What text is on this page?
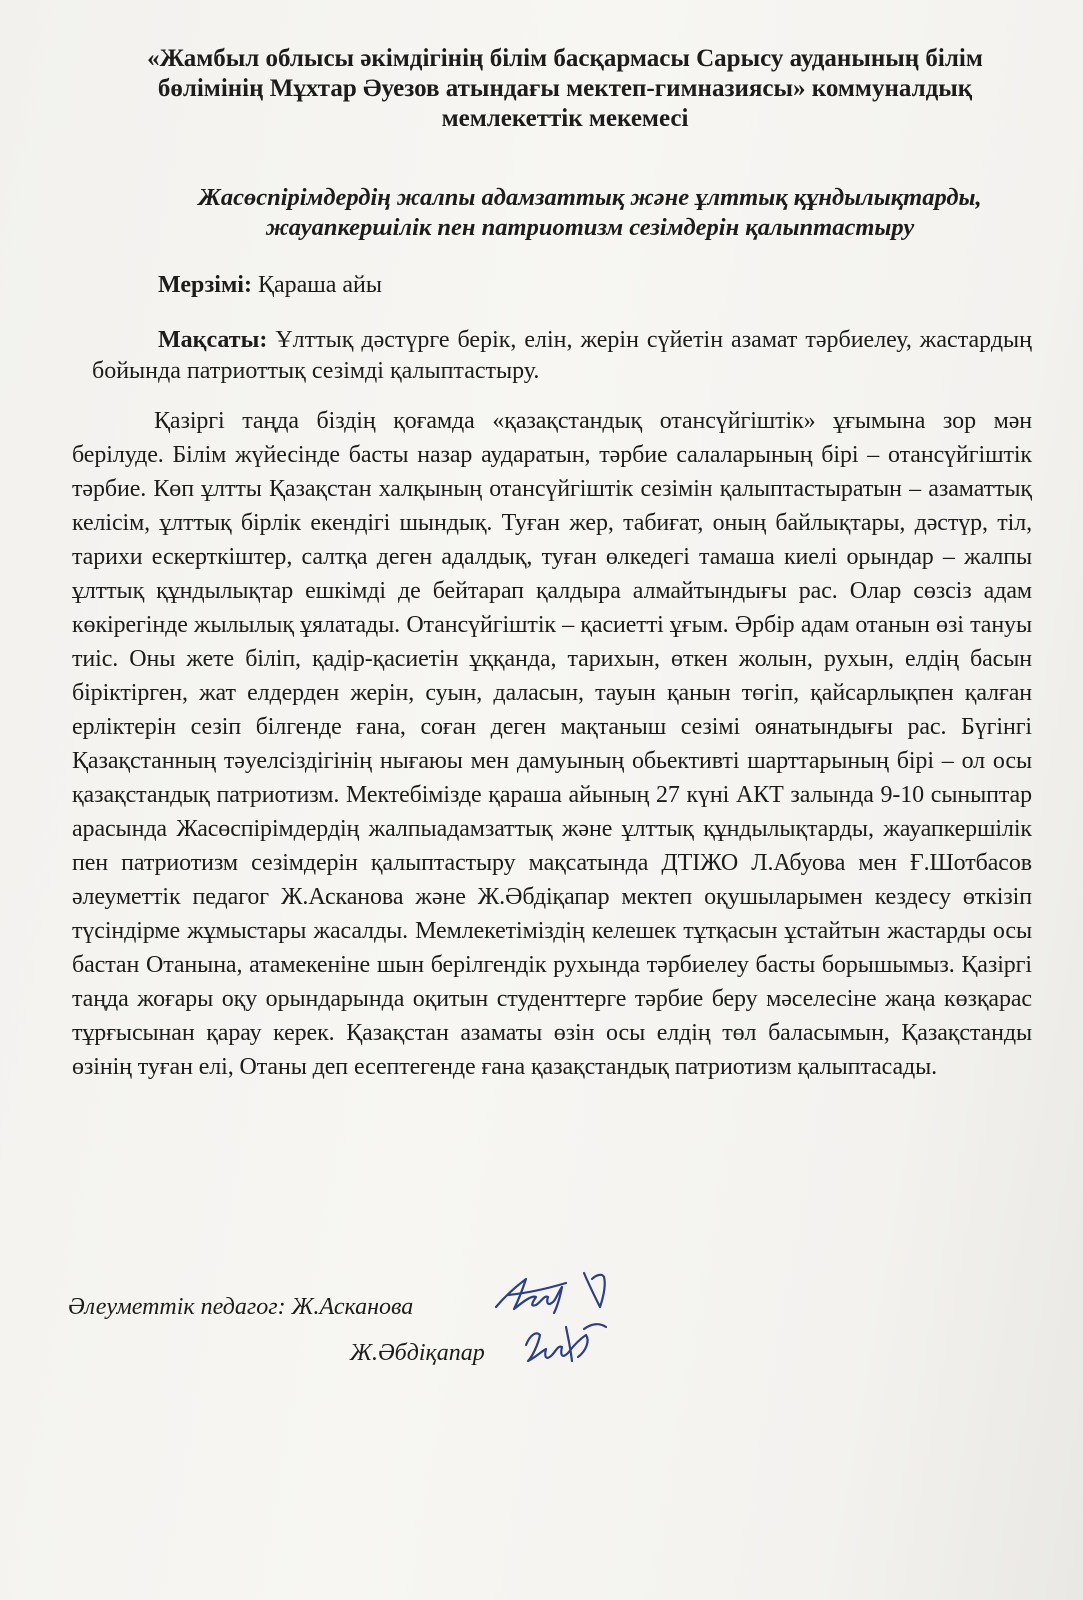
«Жамбыл облысы әкімдігінің білім басқармасы Сарысу ауданының білім
бөлімінің Мұхтар Әуезов атындағы мектеп-гимназиясы» коммуналдық
мемлекеттік мекемесі
Жасөспірімдердің жалпы адамзаттық және ұлттық құндылықтарды,
жауапкершілік пен патриотизм сезімдерін қалыптастыру
Мерзімі: Қараша айы
Мақсаты: Ұлттық дәстүрге берік, елін, жерін сүйетін азамат тәрбиелеу, жастардың бойында патриоттық сезімді қалыптастыру.
Қазіргі таңда біздің қоғамда «қазақстандық отансүйгіштік» ұғымына зор мән берілуде. Білім жүйесінде басты назар аударатын, тәрбие салаларының бірі – отансүйгіштік тәрбие. Көп ұлтты Қазақстан халқының отансүйгіштік сезімін қалыптастыратын – азаматтық келісім, ұлттық бірлік екендігі шындық. Туған жер, табиғат, оның байлықтары, дәстүр, тіл, тарихи ескерткіштер, салтқа деген адалдық, туған өлкедегі тамаша киелі орындар – жалпы ұлттық құндылықтар ешкімді де бейтарап қалдыра алмайтындығы рас. Олар сөзсіз адам көкірегінде жылылық ұялатады. Отансүйгіштік – қасиетті ұғым. Әрбір адам отанын өзі тануы тиіс. Оны жете біліп, қадір-қасиетін ұққанда, тарихын, өткен жолын, рухын, елдің басын біріктірген, жат елдерден жерін, суын, даласын, тауын қанын төгіп, қайсарлықпен қалған ерліктерін сезіп білгенде ғана, соған деген мақтаныш сезімі оянатындығы рас. Бүгінгі Қазақстанның тәуелсіздігінің нығаюы мен дамуының обьективті шарттарының бірі – ол осы қазақстандық патриотизм. Мектебімізде қараша айының 27 күні АКТ залында 9-10 сыныптар арасында Жасөспірімдердің жалпыадамзаттық және ұлттық құндылықтарды, жауапкершілік пен патриотизм сезімдерін қалыптастыру мақсатында ДТІЖО Л.Абуова мен Ғ.Шотбасов әлеуметтік педагог Ж.Асканова және Ж.Әбдіқапар мектеп оқушыларымен кездесу өткізіп түсіндірме жұмыстары жасалды. Мемлекетіміздің келешек тұтқасын ұстайтын жастарды осы бастан Отанына, атамекеніне шын берілгендік рухында тәрбиелеу басты борышымыз. Қазіргі таңда жоғары оқу орындарында оқитын студенттерге тәрбие беру мәселесіне жаңа көзқарас тұрғысынан қарау керек. Қазақстан азаматы өзін осы елдің төл баласымын, Қазақстанды өзінің туған елі, Отаны деп есептегенде ғана қазақстандық патриотизм қалыптасады.
Әлеуметтік педагог: Ж.Асканова
Ж.Әбдіқапар
